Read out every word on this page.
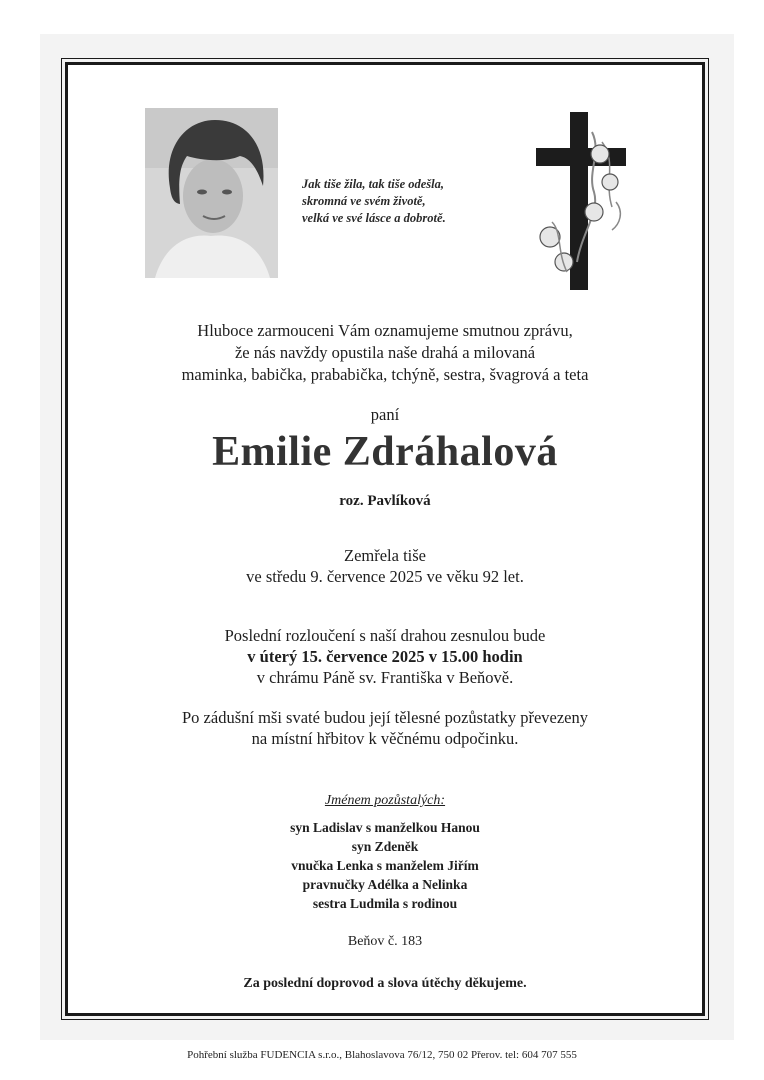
Jak tiše žila, tak tiše odešla,
skromná ve svém životě,
velká ve své lásce a dobrotě.
Hluboce zarmouceni Vám oznamujeme smutnou zprávu,
že nás navždy opustila naše drahá a milovaná
maminka, babička, prababička, tchýně, sestra, švagrová a teta
paní
Emilie Zdráhalová
roz. Pavlíková
Zemřela tiše
ve středu 9. července 2025 ve věku 92 let.
Poslední rozloučení s naší drahou zesnulou bude
v úterý 15. července 2025 v 15.00 hodin
v chrámu Páně sv. Františka v Beňově.
Po zádušní mši svaté budou její tělesné pozůstatky převezeny
na místní hřbitov k věčnému odpočinku.
Jménem pozůstalých:
syn Ladislav s manželkou Hanou
syn Zdeněk
vnučka Lenka s manželem Jiřím
pravnučky Adélka a Nelinka
sestra Ludmila s rodinou
Beňov č. 183
Za poslední doprovod a slova útěchy děkujeme.
Pohřební služba FUDENCIA s.r.o., Blahoslavova 76/12, 750 02 Přerov. tel: 604 707 555
